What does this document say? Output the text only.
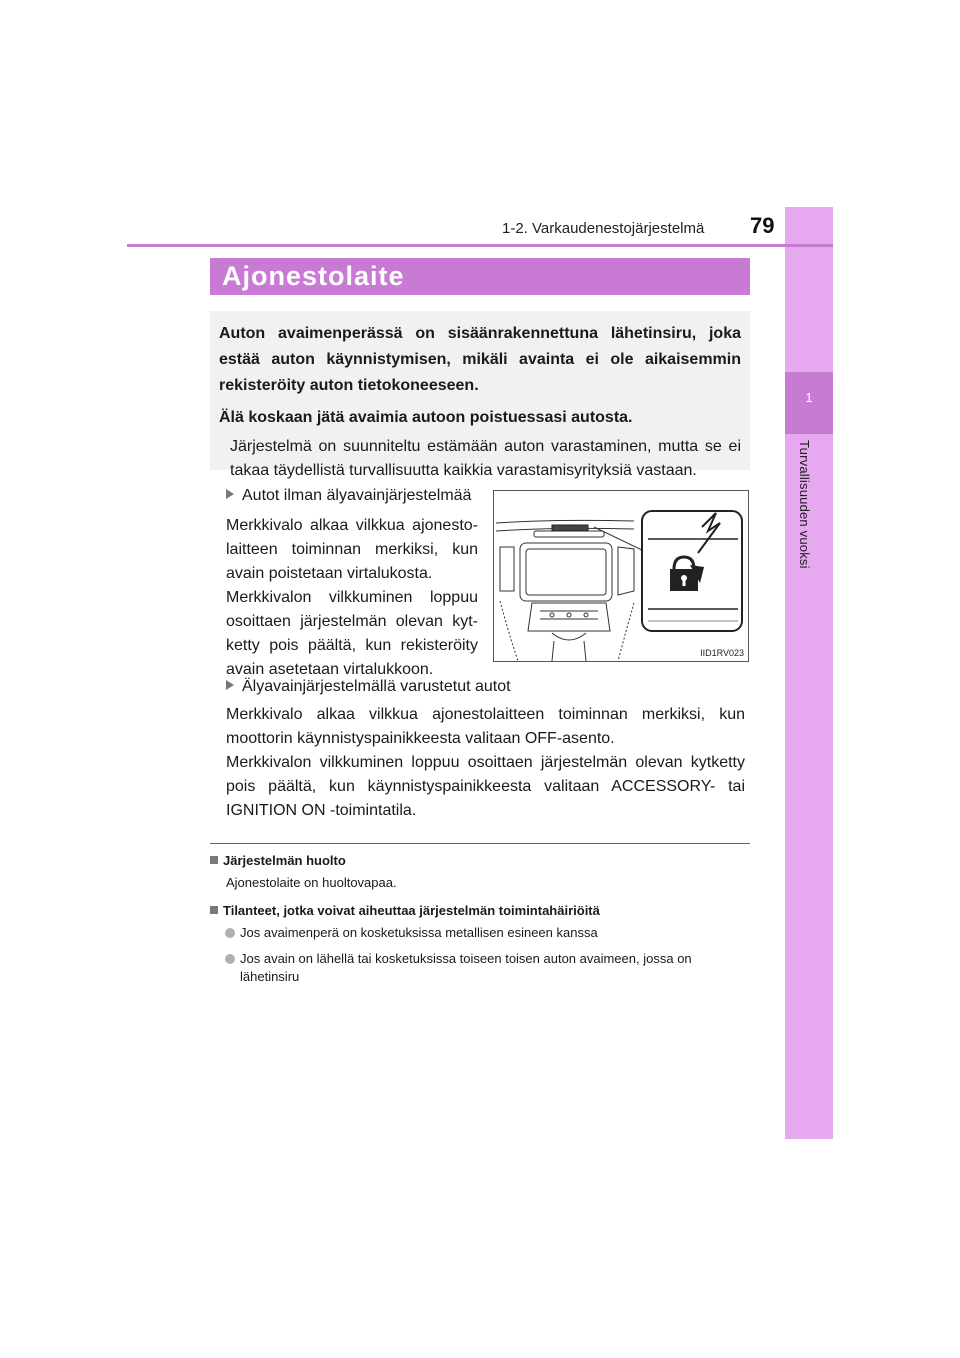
1
Turvallisuuden vuoksi
1-2. Varkaudenestojärjestelmä 79
Ajonestolaite

Auton avaimenperässä on sisäänrakennettuna lähetinsiru, joka estää auton käynnistymisen, mikäli avainta ei ole aikaisemmin rekisteröity auton tietokoneeseen.

Älä koskaan jätä avaimia autoon poistuessasi autosta.

Järjestelmä on suunniteltu estämään auton varastaminen, mutta se ei takaa täydellistä turvallisuutta kaikkia varastamisyrityksiä vastaan.

Autot ilman älyavainjärjestelmää

Merkkivalo alkaa vilkkua ajonesto-laitteen toiminnan merkiksi, kun avain poistetaan virtalukosta.

Merkkivalon vilkkuminen loppuu osoittaen järjestelmän olevan kyt-ketty pois päältä, kun rekisteröity avain asetetaan virtalukkoon.

IID1RV023
Älyavainjärjestelmällä varustetut autot

Merkkivalo alkaa vilkkua ajonestolaitteen toiminnan merkiksi, kun moottorin käynnistyspainikkeesta valitaan OFF-asento.

Merkkivalon vilkkuminen loppuu osoittaen järjestelmän olevan kytketty pois päältä, kun käynnistyspainikkeesta valitaan ACCESSORY- tai IGNITION ON -toimintatila.

Järjestelmän huolto
Ajonestolaite on huoltovapaa.
Tilanteet, jotka voivat aiheuttaa järjestelmän toimintahäiriöitä
Jos avaimenperä on kosketuksissa metallisen esineen kanssa
Jos avain on lähellä tai kosketuksissa toiseen toisen auton avaimeen, jossa on lähetinsiru
